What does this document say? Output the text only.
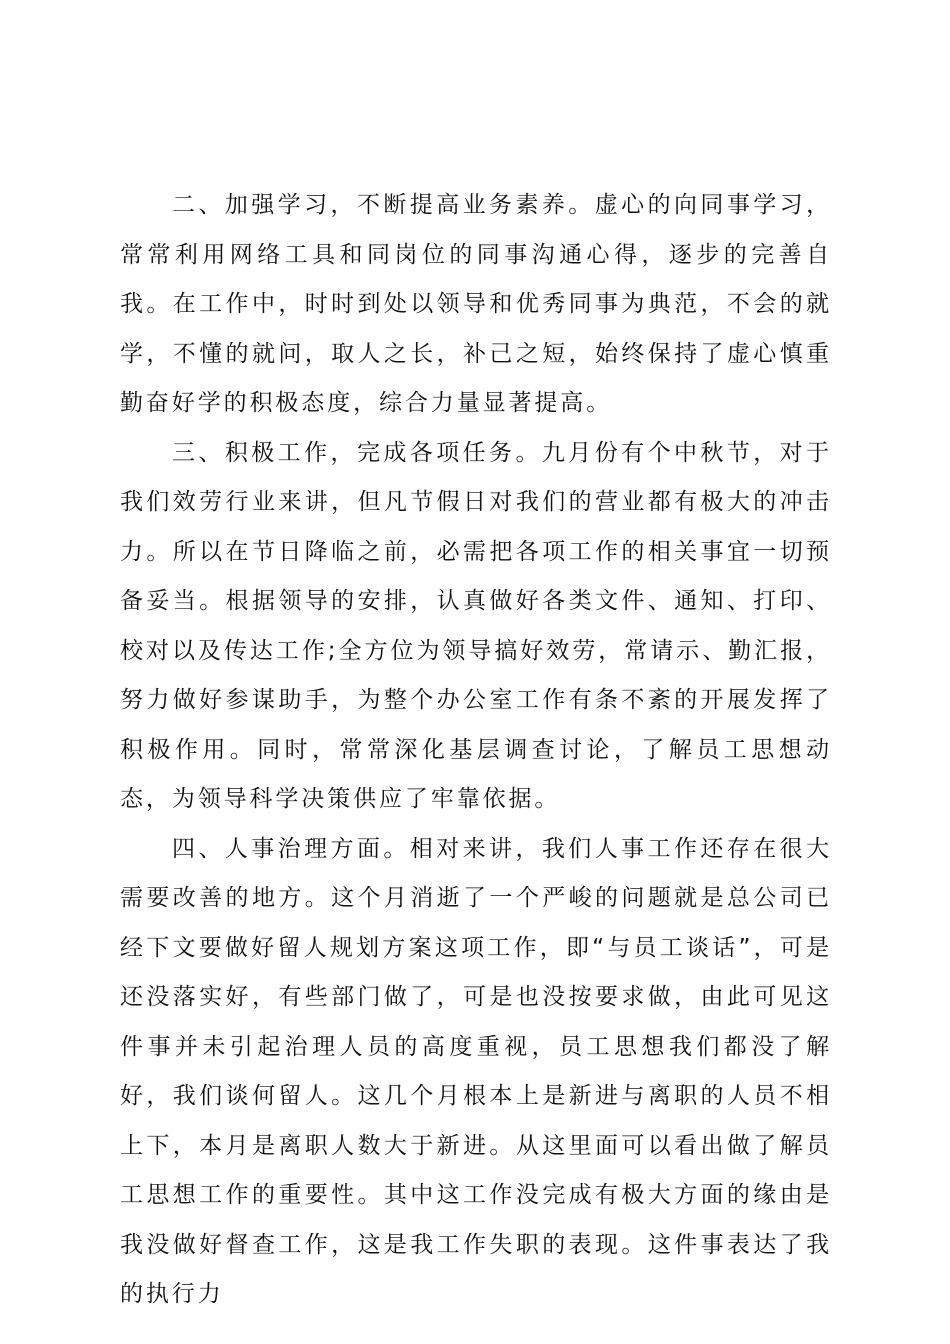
二、加强学习，不断提高业务素养。虚心的向同事学习，常常利用网络工具和同岗位的同事沟通心得，逐步的完善自我。在工作中，时时到处以领导和优秀同事为典范，不会的就学，不懂的就问，取人之长，补己之短，始终保持了虚心慎重勤奋好学的积极态度，综合力量显著提高。

三、积极工作，完成各项任务。九月份有个中秋节，对于我们效劳行业来讲，但凡节假日对我们的营业都有极大的冲击力。所以在节日降临之前，必需把各项工作的相关事宜一切预备妥当。根据领导的安排，认真做好各类文件、通知、打印、校对以及传达工作;全方位为领导搞好效劳，常请示、勤汇报，努力做好参谋助手，为整个办公室工作有条不紊的开展发挥了积极作用。同时，常常深化基层调查讨论，了解员工思想动态，为领导科学决策供应了牢靠依据。

四、人事治理方面。相对来讲，我们人事工作还存在很大需要改善的地方。这个月消逝了一个严峻的问题就是总公司已经下文要做好留人规划方案这项工作，即“与员工谈话”，可是还没落实好，有些部门做了，可是也没按要求做，由此可见这件事并未引起治理人员的高度重视，员工思想我们都没了解好，我们谈何留人。这几个月根本上是新进与离职的人员不相上下，本月是离职人数大于新进。从这里面可以看出做了解员工思想工作的重要性。其中这工作没完成有极大方面的缘由是我没做好督查工作，这是我工作失职的表现。这件事表达了我的执行力
